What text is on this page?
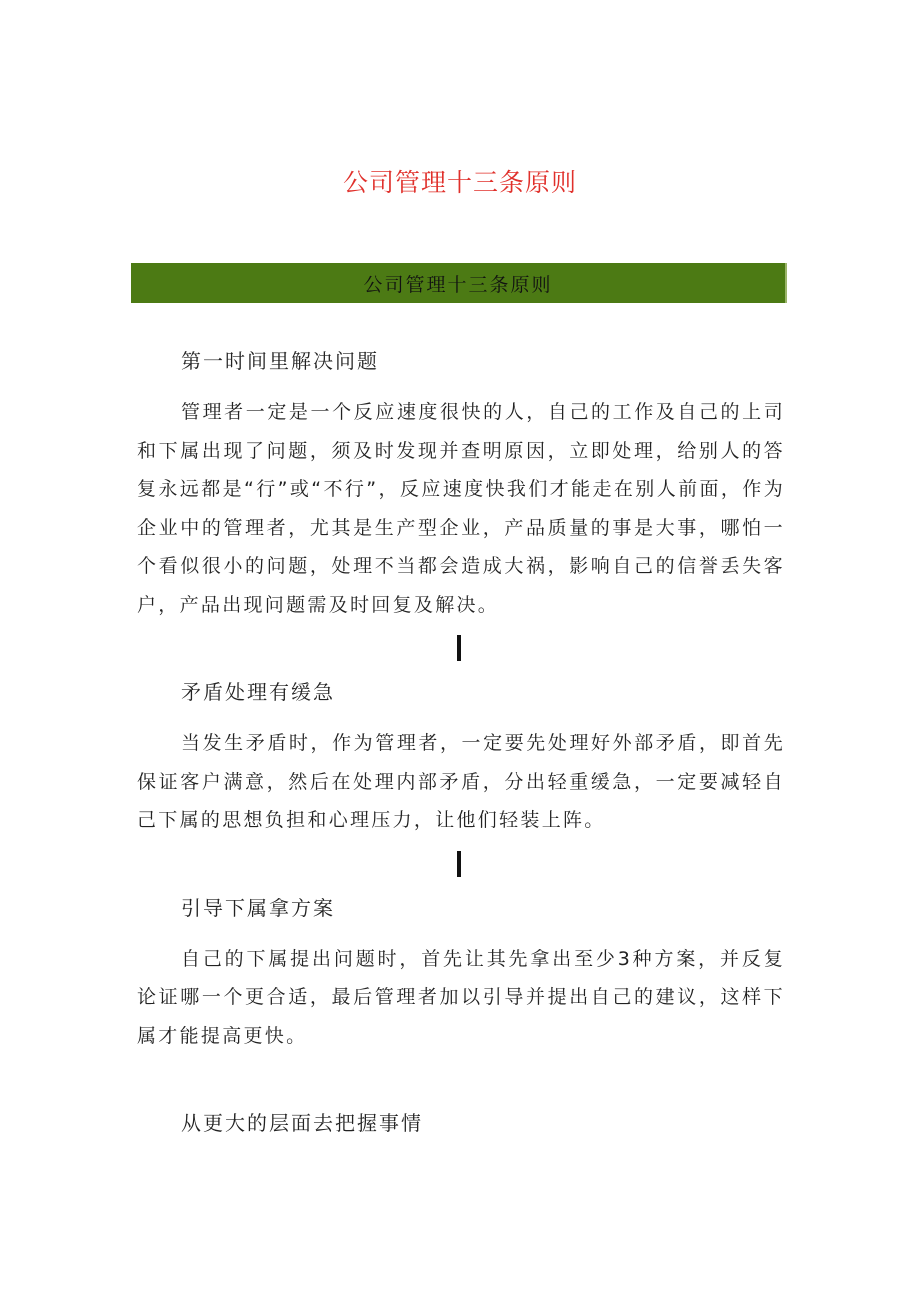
公司管理十三条原则
公司管理十三条原则

第一时间里解决问题

管理者一定是一个反应速度很快的人，自己的工作及自己的上司和下属出现了问题，须及时发现并查明原因，立即处理，给别人的答复永远都是“行”或“不行”，反应速度快我们才能走在别人前面，作为企业中的管理者，尤其是生产型企业，产品质量的事是大事，哪怕一个看似很小的问题，处理不当都会造成大祸，影响自己的信誉丢失客户，产品出现问题需及时回复及解决。

矛盾处理有缓急

当发生矛盾时，作为管理者，一定要先处理好外部矛盾，即首先保证客户满意，然后在处理内部矛盾，分出轻重缓急，一定要减轻自己下属的思想负担和心理压力，让他们轻装上阵。

引导下属拿方案

自己的下属提出问题时，首先让其先拿出至少3种方案，并反复论证哪一个更合适，最后管理者加以引导并提出自己的建议，这样下属才能提高更快。

从更大的层面去把握事情
